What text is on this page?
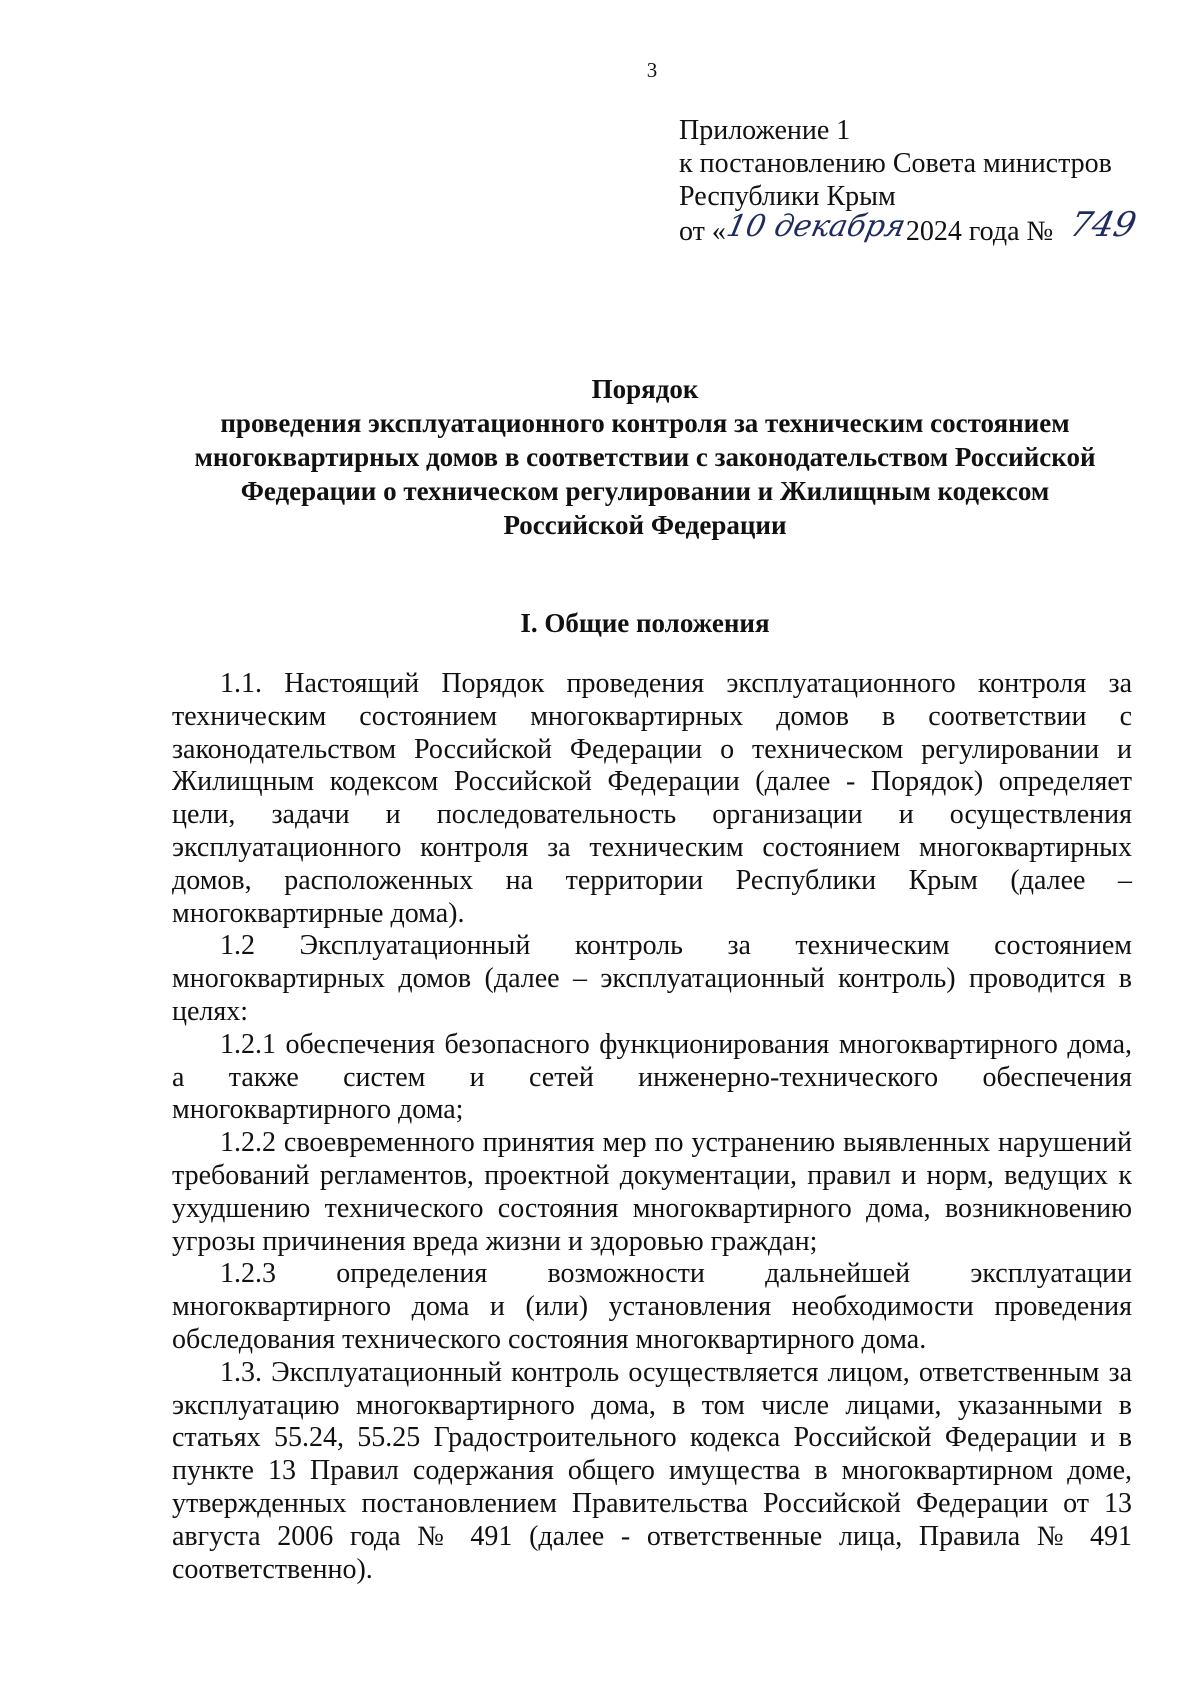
3
Приложение 1
к постановлению Совета министров
Республики Крым
от «
10 декабря
2024 года № 749
Порядок
проведения эксплуатационного контроля за техническим состоянием
многоквартирных домов в соответствии с законодательством Российской
Федерации о техническом регулировании и Жилищным кодексом
Российской Федерации
I. Общие положения

1.1. Настоящий Порядок проведения эксплуатационного контроля за техническим состоянием многоквартирных домов в соответствии с законодательством Российской Федерации о техническом регулировании и Жилищным кодексом Российской Федерации (далее - Порядок) определяет цели, задачи и последовательность организации и осуществления эксплуатационного контроля за техническим состоянием многоквартирных домов, расположенных на территории Республики Крым (далее – многоквартирные дома).

1.2 Эксплуатационный контроль за техническим состоянием многоквартирных домов (далее – эксплуатационный контроль) проводится в целях:

1.2.1 обеспечения безопасного функционирования многоквартирного дома, а также систем и сетей инженерно-технического обеспечения многоквартирного дома;

1.2.2 своевременного принятия мер по устранению выявленных нарушений требований регламентов, проектной документации, правил и норм, ведущих к ухудшению технического состояния многоквартирного дома, возникновению угрозы причинения вреда жизни и здоровью граждан;

1.2.3 определения возможности дальнейшей эксплуатации многоквартирного дома и (или) установления необходимости проведения обследования технического состояния многоквартирного дома.

1.3. Эксплуатационный контроль осуществляется лицом, ответственным за эксплуатацию многоквартирного дома, в том числе лицами, указанными в статьях 55.24, 55.25 Градостроительного кодекса Российской Федерации и в пункте 13 Правил содержания общего имущества в многоквартирном доме, утвержденных постановлением Правительства Российской Федерации от 13 августа 2006 года № 491 (далее - ответственные лица, Правила № 491 соответственно).
